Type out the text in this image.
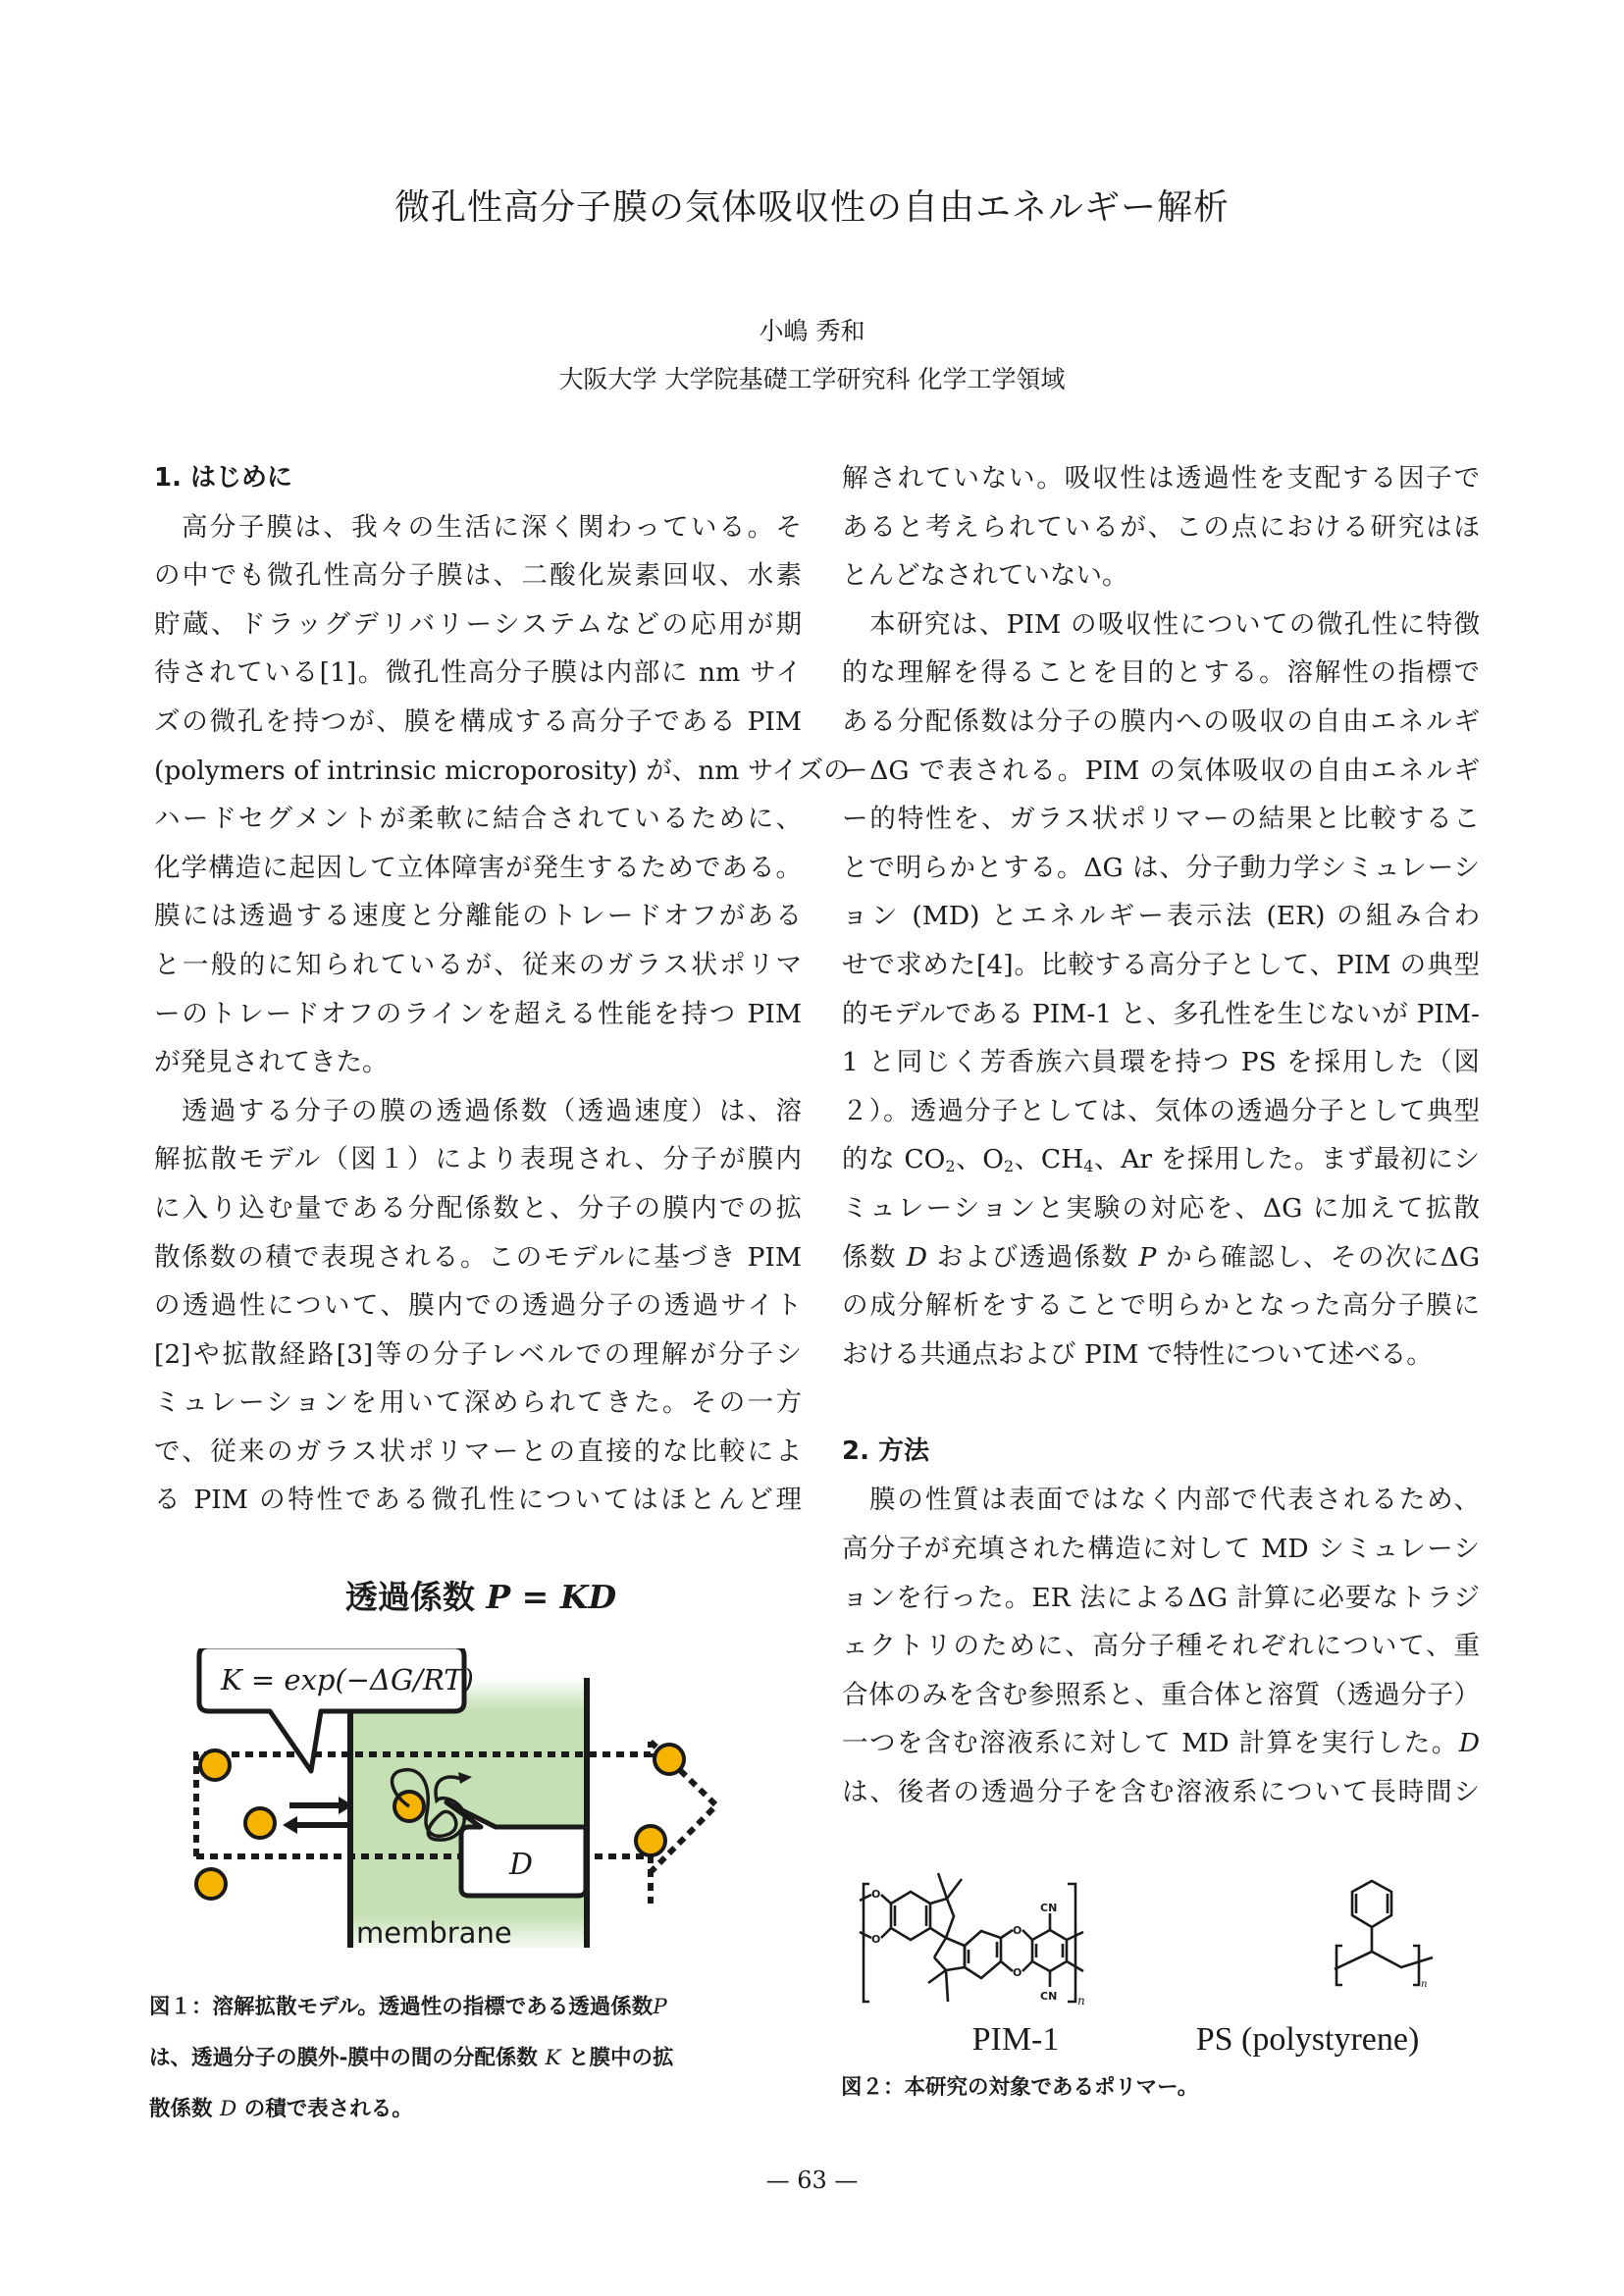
微孔性高分子膜の気体吸収性の自由エネルギー解析
小嶋 秀和
大阪大学 大学院基礎工学研究科 化学工学領域
1. はじめに
高分子膜は、我々の生活に深く関わっている。そ
の中でも微孔性高分子膜は、二酸化炭素回収、水素
貯蔵、ドラッグデリバリーシステムなどの応用が期
待されている[1]。微孔性高分子膜は内部に nm サイ
ズの微孔を持つが、膜を構成する高分子である PIM
(polymers of intrinsic microporosity) が、nm サイズの
ハードセグメントが柔軟に結合されているために、
化学構造に起因して立体障害が発生するためである。
膜には透過する速度と分離能のトレードオフがある
と一般的に知られているが、従来のガラス状ポリマ
ーのトレードオフのラインを超える性能を持つ PIM
が発見されてきた。
透過する分子の膜の透過係数（透過速度）は、溶
解拡散モデル（図１）により表現され、分子が膜内
に入り込む量である分配係数と、分子の膜内での拡
散係数の積で表現される。このモデルに基づき PIM
の透過性について、膜内での透過分子の透過サイト
[2]や拡散経路[3]等の分子レベルでの理解が分子シ
ミュレーションを用いて深められてきた。その一方
で、従来のガラス状ポリマーとの直接的な比較によ
る PIM の特性である微孔性についてはほとんど理
透過係数 P = KD
K = exp(−ΔG/RT)
D
membrane
図１：溶解拡散モデル。透過性の指標である透過係数P
は、透過分子の膜外-膜中の間の分配係数 K と膜中の拡
散係数 D の積で表される。
解されていない。吸収性は透過性を支配する因子で
あると考えられているが、この点における研究はほ
とんどなされていない。
本研究は、PIM の吸収性についての微孔性に特徴
的な理解を得ることを目的とする。溶解性の指標で
ある分配係数は分子の膜内への吸収の自由エネルギ
ーΔG で表される。PIM の気体吸収の自由エネルギ
ー的特性を、ガラス状ポリマーの結果と比較するこ
とで明らかとする。ΔG は、分子動力学シミュレーシ
ョン (MD) とエネルギー表示法 (ER) の組み合わ
せで求めた[4]。比較する高分子として、PIM の典型
的モデルである PIM-1 と、多孔性を生じないが PIM-
1 と同じく芳香族六員環を持つ PS を採用した（図
２）。透過分子としては、気体の透過分子として典型
的な $CO_2$、$O_2$、$CH_4$、Ar を採用した。まず最初にシ
ミュレーションと実験の対応を、ΔG に加えて拡散
係数 D および透過係数 P から確認し、その次にΔG
の成分解析をすることで明らかとなった高分子膜に
おける共通点および PIM で特性について述べる。
2. 方法
膜の性質は表面ではなく内部で代表されるため、
高分子が充填された構造に対して MD シミュレーシ
ョンを行った。ER 法によるΔG 計算に必要なトラジ
ェクトリのために、高分子種それぞれについて、重
合体のみを含む参照系と、重合体と溶質（透過分子）
一つを含む溶液系に対して MD 計算を実行した。D
は、後者の透過分子を含む溶液系について長時間シ
O
O
O
O
CN
CN n
n
PIM-1	PS (polystyrene)
図２：本研究の対象であるポリマー。
— 63 —
